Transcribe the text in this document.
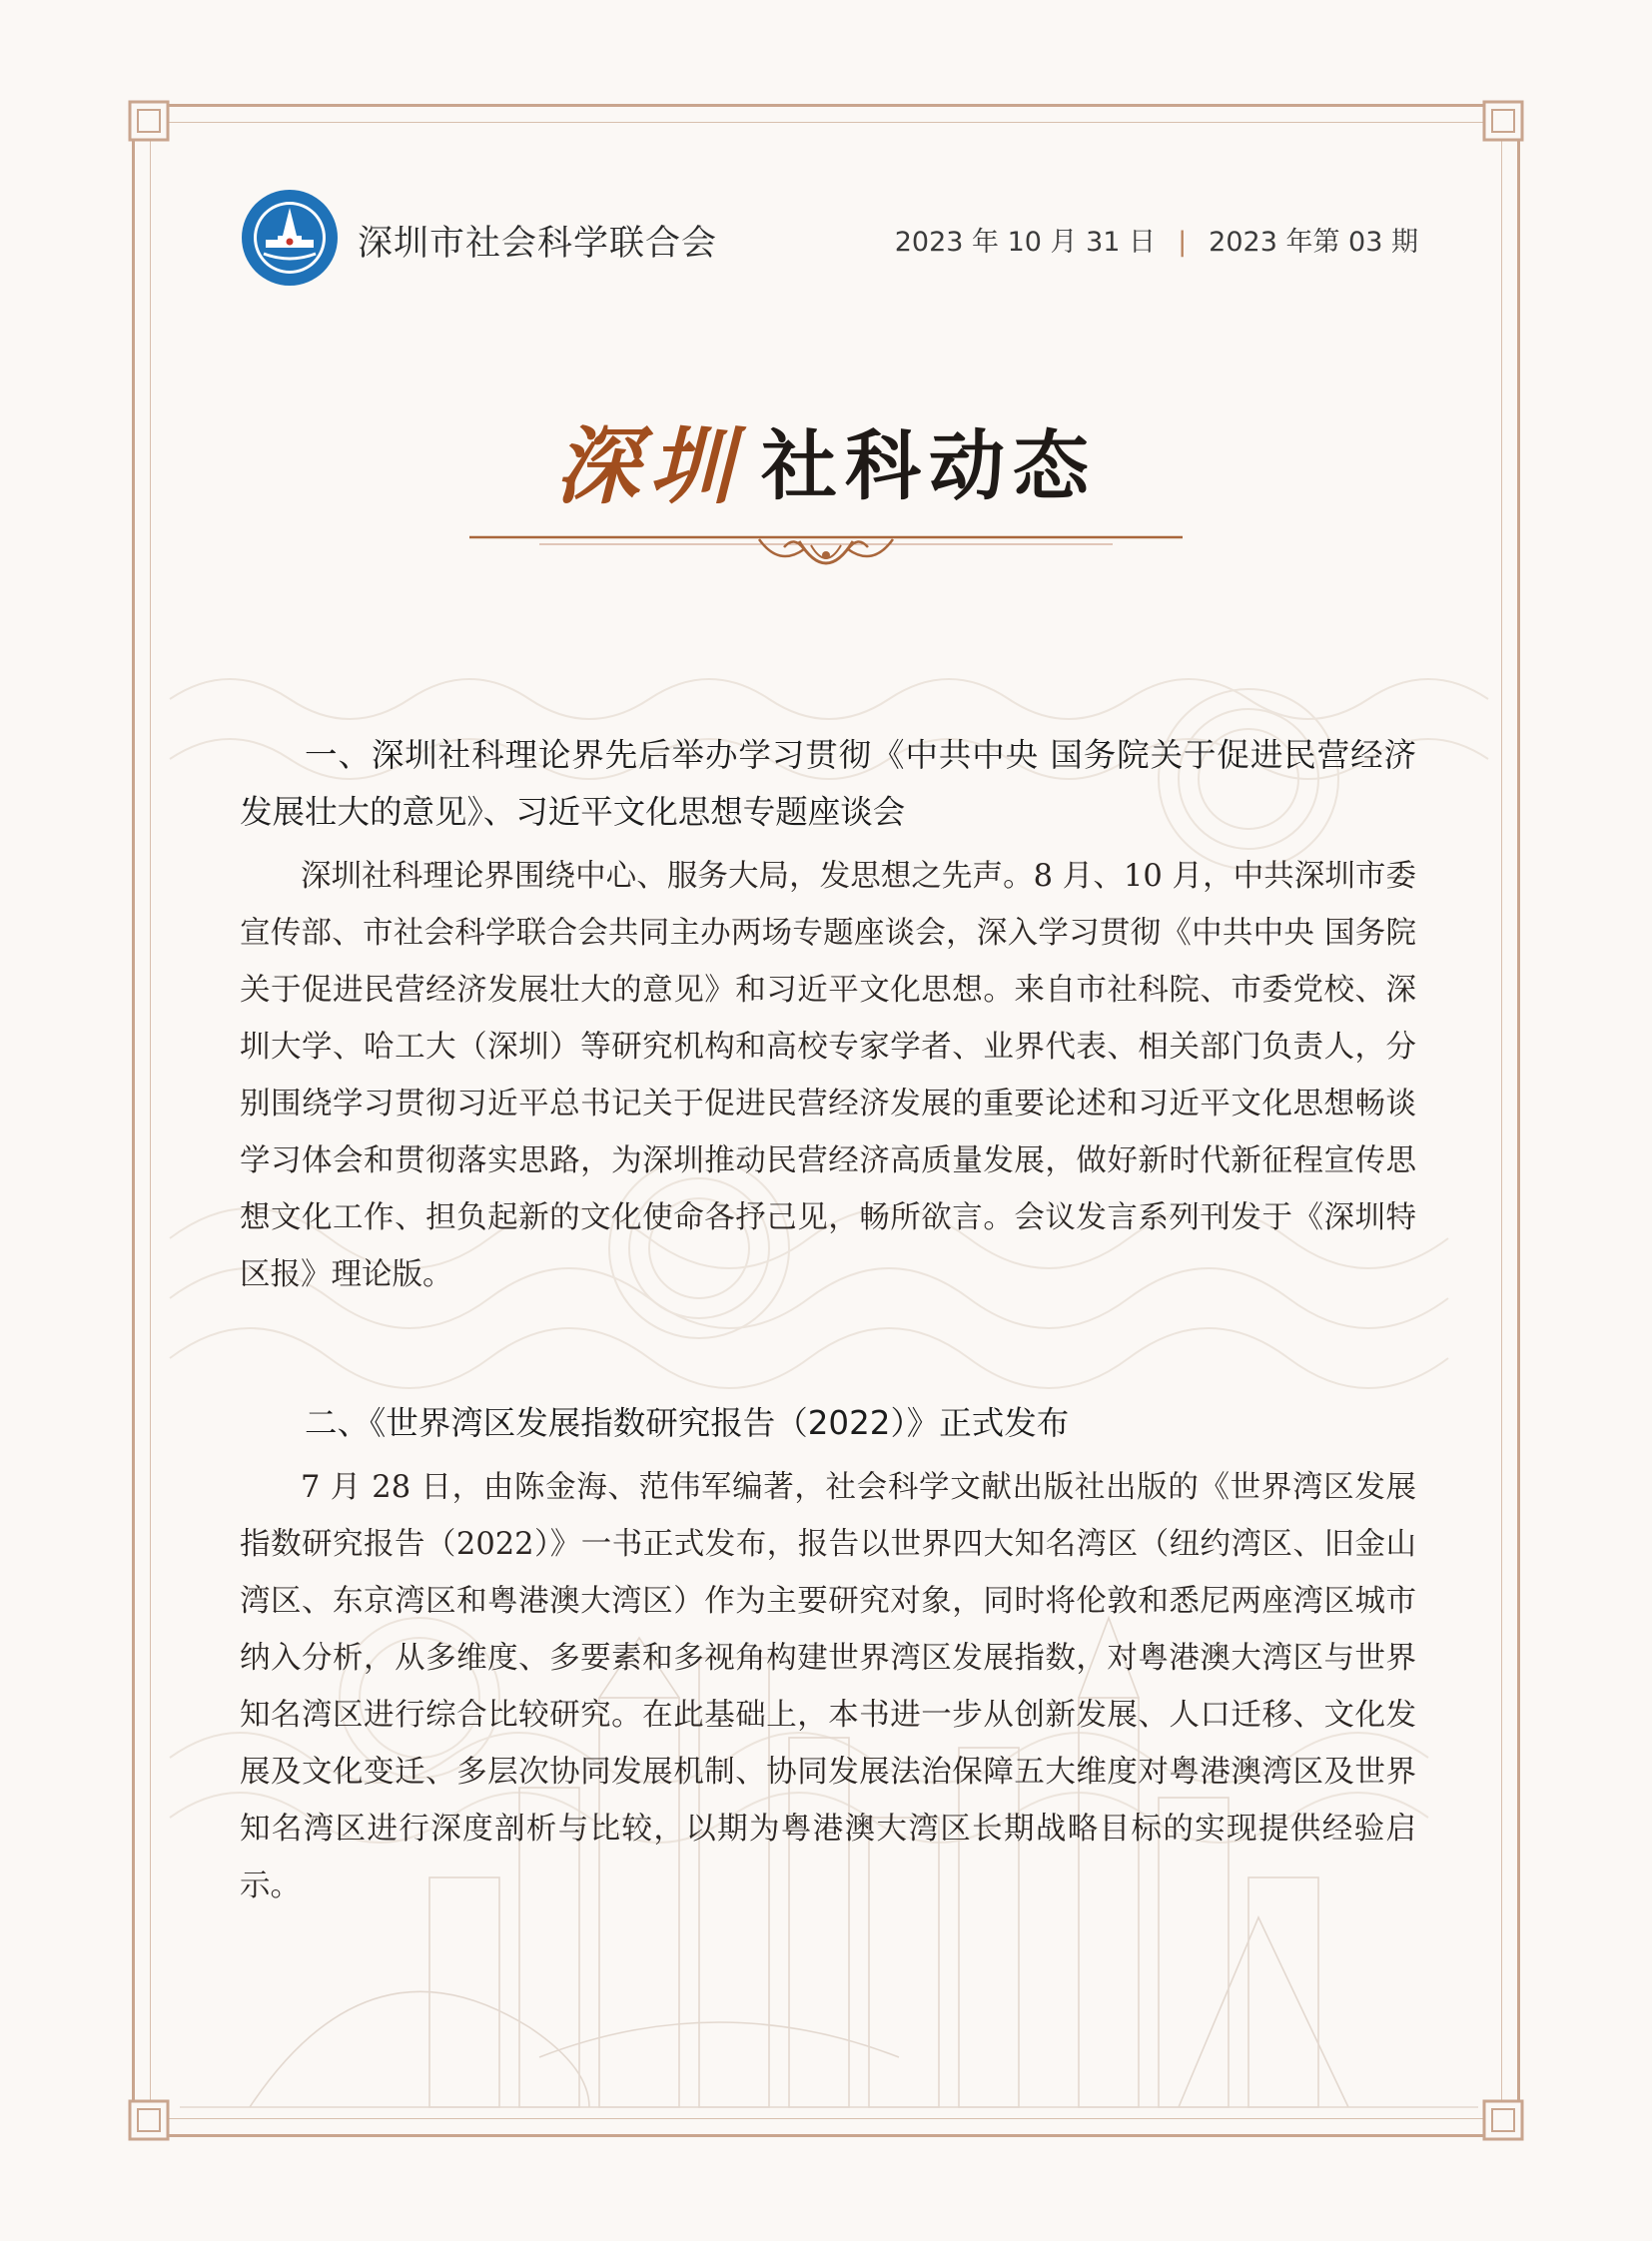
深圳市社会科学联合会	2023 年 10 月 31 日 | 2023 年第 03 期
深圳 社科动态

一、深圳社科理论界先后举办学习贯彻《中共中央 国务院关于促进民营经济发展壮大的意见》、习近平文化思想专题座谈会

深圳社科理论界围绕中心、服务大局，发思想之先声。8 月、10 月，中共深圳市委宣传部、市社会科学联合会共同主办两场专题座谈会，深入学习贯彻《中共中央 国务院关于促进民营经济发展壮大的意见》和习近平文化思想。来自市社科院、市委党校、深圳大学、哈工大（深圳）等研究机构和高校专家学者、业界代表、相关部门负责人，分别围绕学习贯彻习近平总书记关于促进民营经济发展的重要论述和习近平文化思想畅谈学习体会和贯彻落实思路，为深圳推动民营经济高质量发展，做好新时代新征程宣传思想文化工作、担负起新的文化使命各抒己见，畅所欲言。会议发言系列刊发于《深圳特区报》理论版。

二、《世界湾区发展指数研究报告（2022）》正式发布

7 月 28 日，由陈金海、范伟军编著，社会科学文献出版社出版的《世界湾区发展指数研究报告（2022）》一书正式发布，报告以世界四大知名湾区（纽约湾区、旧金山湾区、东京湾区和粤港澳大湾区）作为主要研究对象，同时将伦敦和悉尼两座湾区城市纳入分析，从多维度、多要素和多视角构建世界湾区发展指数，对粤港澳大湾区与世界知名湾区进行综合比较研究。在此基础上，本书进一步从创新发展、人口迁移、文化发展及文化变迁、多层次协同发展机制、协同发展法治保障五大维度对粤港澳湾区及世界知名湾区进行深度剖析与比较，以期为粤港澳大湾区长期战略目标的实现提供经验启示。
